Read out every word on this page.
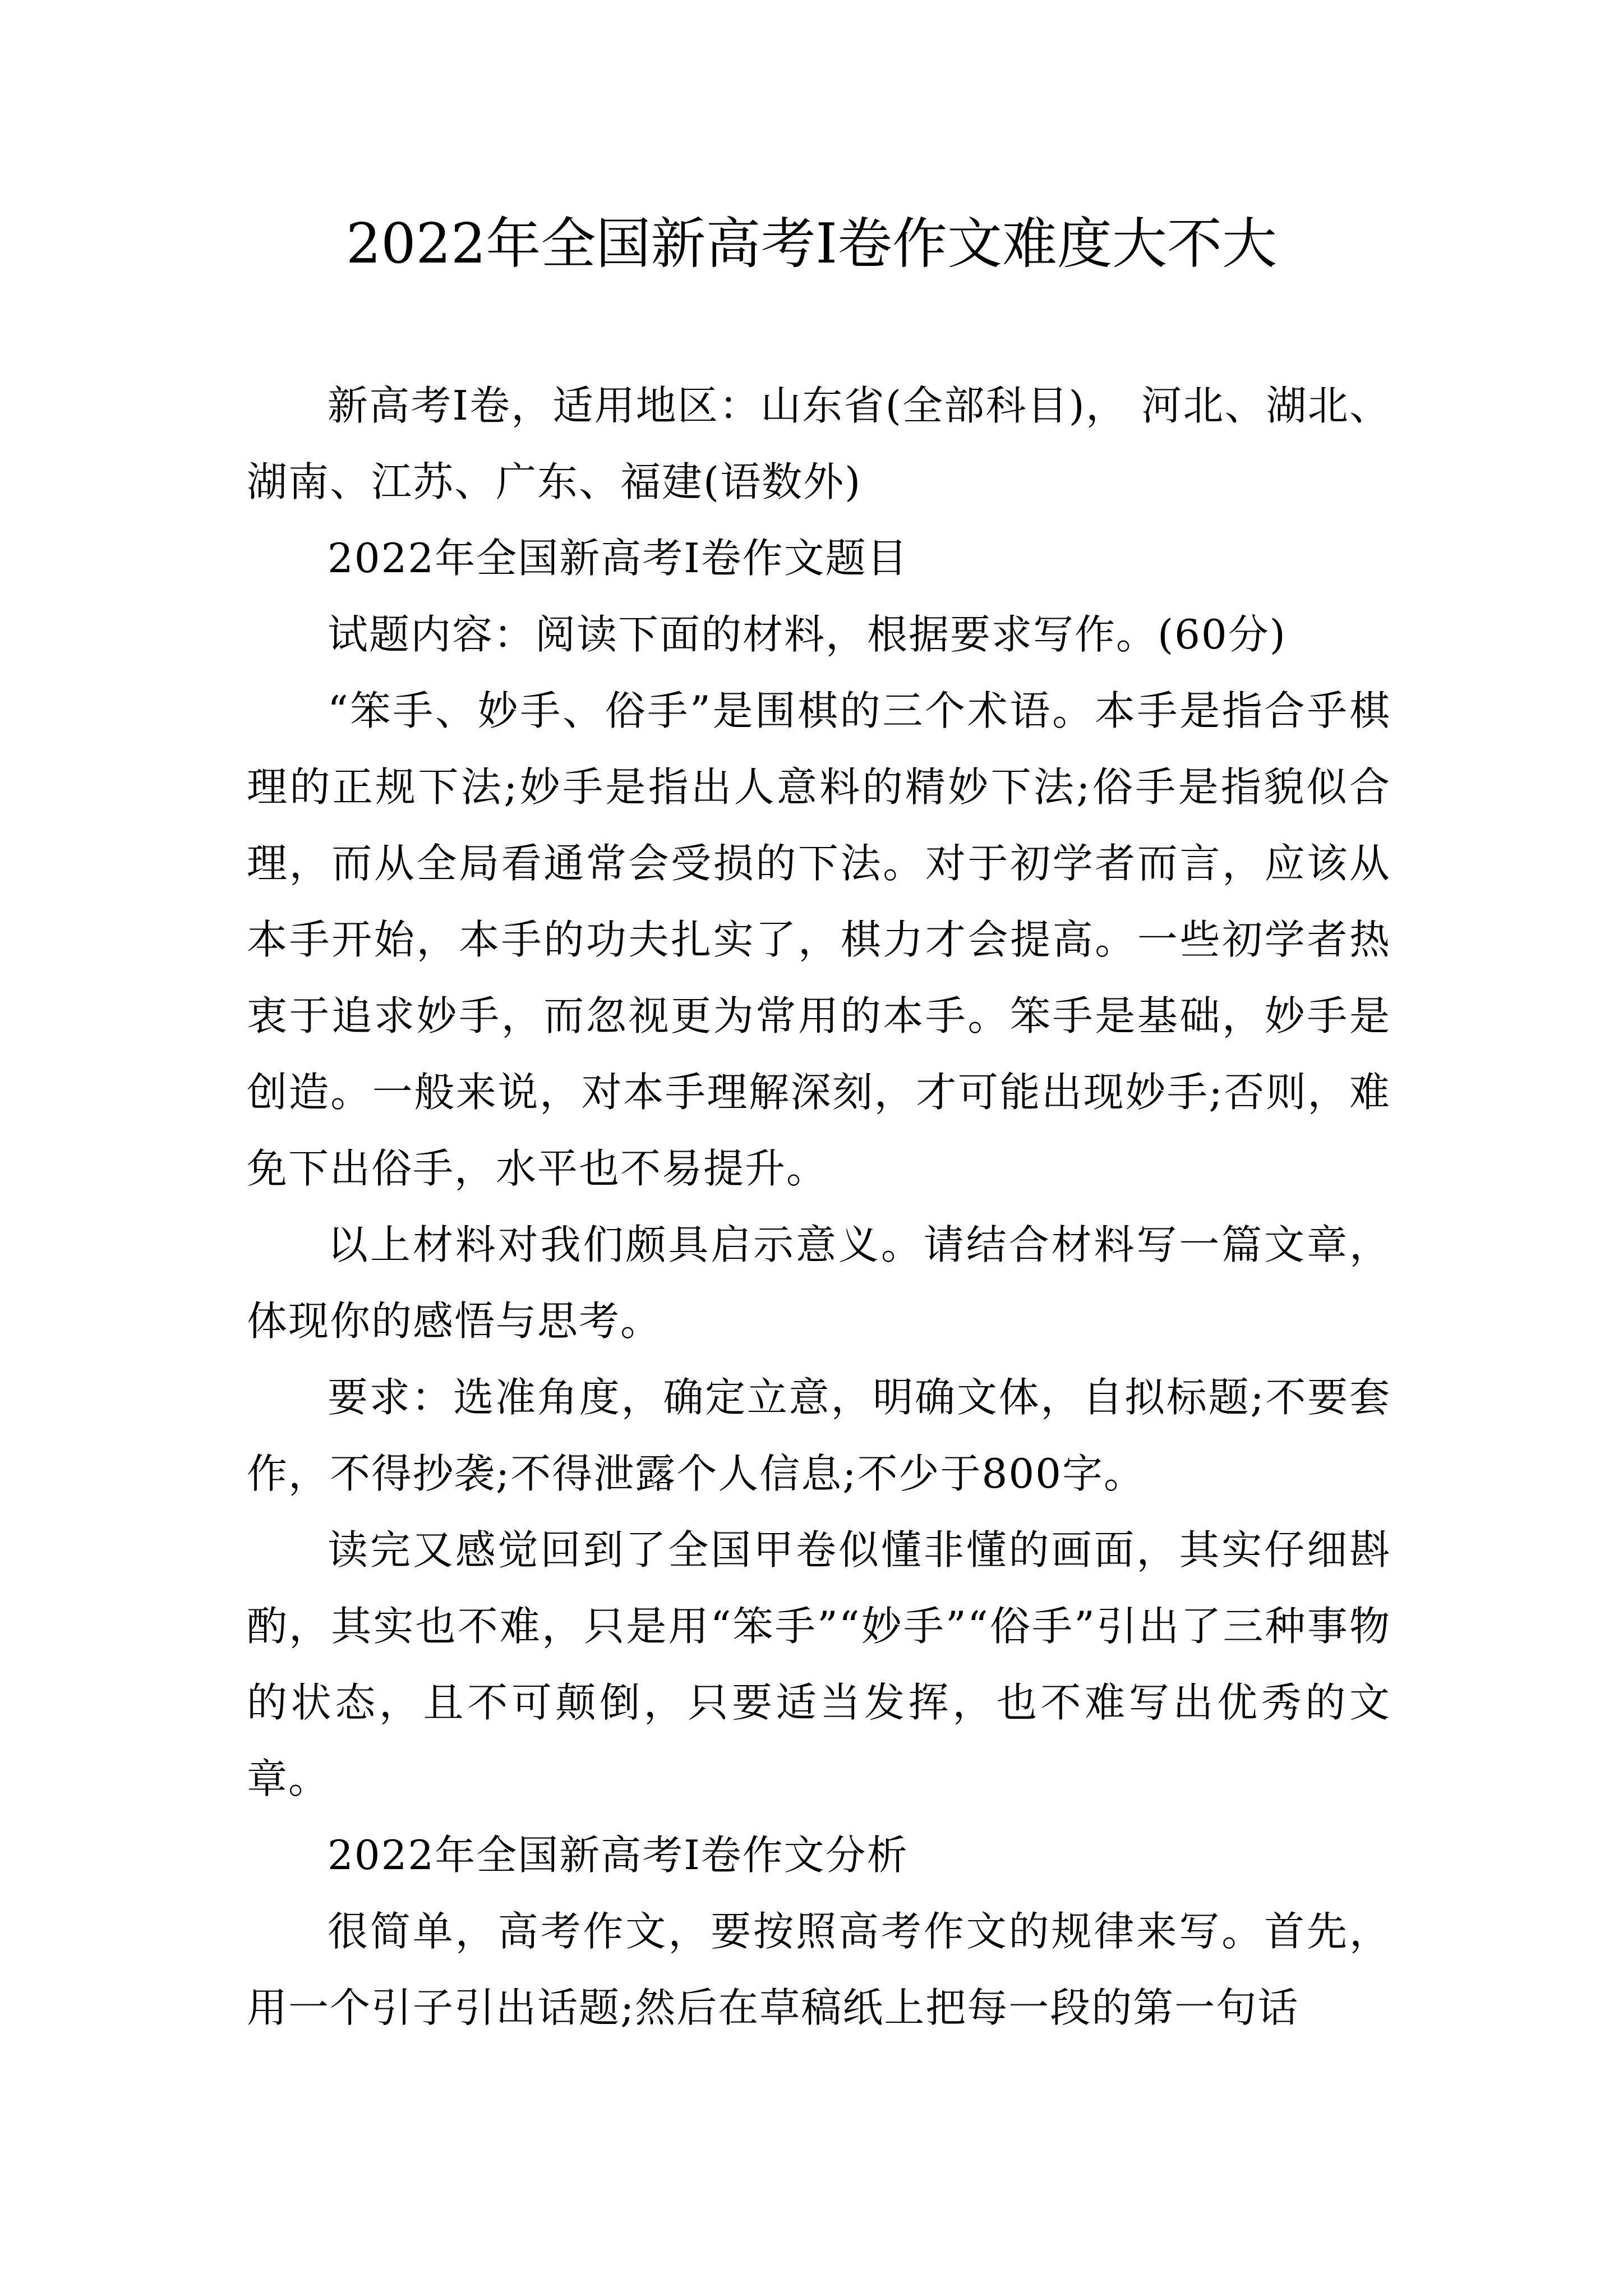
2022年全国新高考Ⅰ卷作文难度大不大

新高考Ⅰ卷，适用地区：山东省(全部科目)， 河北、湖北、湖南、江苏、广东、福建(语数外)

2022年全国新高考Ⅰ卷作文题目

试题内容：阅读下面的材料，根据要求写作。(60分)

“笨手、妙手、俗手”是围棋的三个术语。本手是指合乎棋理的正规下法;妙手是指出人意料的精妙下法;俗手是指貌似合理，而从全局看通常会受损的下法。对于初学者而言，应该从本手开始，本手的功夫扎实了，棋力才会提高。一些初学者热衷于追求妙手，而忽视更为常用的本手。笨手是基础，妙手是创造。一般来说，对本手理解深刻，才可能出现妙手;否则，难免下出俗手，水平也不易提升。

以上材料对我们颇具启示意义。请结合材料写一篇文章，体现你的感悟与思考。

要求：选准角度，确定立意，明确文体，自拟标题;不要套作，不得抄袭;不得泄露个人信息;不少于800字。

读完又感觉回到了全国甲卷似懂非懂的画面，其实仔细斟酌，其实也不难，只是用“笨手”“妙手”“俗手”引出了三种事物的状态，且不可颠倒，只要适当发挥，也不难写出优秀的文章。

2022年全国新高考Ⅰ卷作文分析

很简单，高考作文，要按照高考作文的规律来写。首先，用一个引子引出话题;然后在草稿纸上把每一段的第一句话
